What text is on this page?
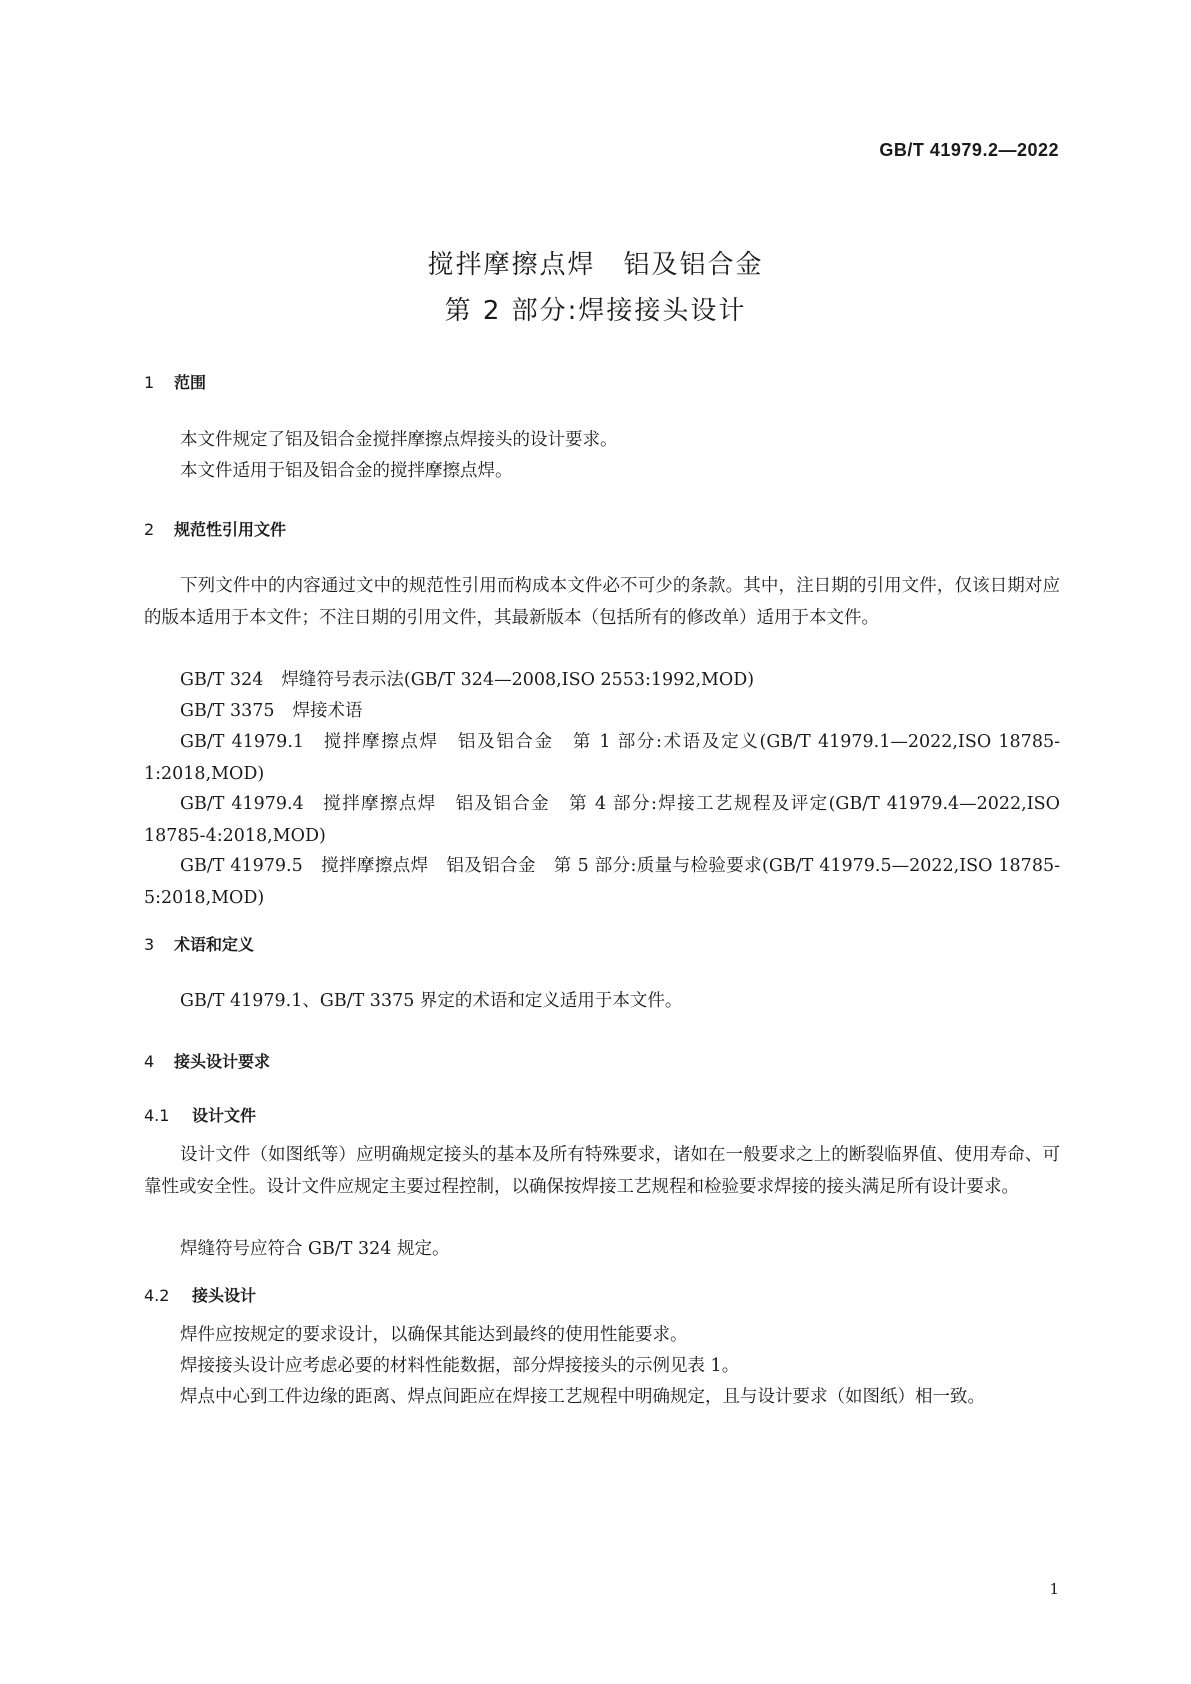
GB/T 41979.2—2022
搅拌摩擦点焊　铝及铝合金
第 2 部分:焊接接头设计
1 范围

本文件规定了铝及铝合金搅拌摩擦点焊接头的设计要求。

本文件适用于铝及铝合金的搅拌摩擦点焊。

2 规范性引用文件

下列文件中的内容通过文中的规范性引用而构成本文件必不可少的条款。其中，注日期的引用文件，仅该日期对应的版本适用于本文件；不注日期的引用文件，其最新版本（包括所有的修改单）适用于本文件。

GB/T 324 焊缝符号表示法(GB/T 324—2008,ISO 2553:1992,MOD)

GB/T 3375 焊接术语

GB/T 41979.1 搅拌摩擦点焊　铝及铝合金　第 1 部分:术语及定义(GB/T 41979.1—2022,ISO 18785-1:2018,MOD)

GB/T 41979.4 搅拌摩擦点焊　铝及铝合金　第 4 部分:焊接工艺规程及评定(GB/T 41979.4—2022,ISO 18785-4:2018,MOD)

GB/T 41979.5 搅拌摩擦点焊　铝及铝合金　第 5 部分:质量与检验要求(GB/T 41979.5—2022,ISO 18785-5:2018,MOD)

3 术语和定义

GB/T 41979.1、GB/T 3375 界定的术语和定义适用于本文件。

4 接头设计要求
4.1 设计文件

设计文件（如图纸等）应明确规定接头的基本及所有特殊要求，诸如在一般要求之上的断裂临界值、使用寿命、可靠性或安全性。设计文件应规定主要过程控制，以确保按焊接工艺规程和检验要求焊接的接头满足所有设计要求。

焊缝符号应符合 GB/T 324 规定。

4.2 接头设计

焊件应按规定的要求设计，以确保其能达到最终的使用性能要求。

焊接接头设计应考虑必要的材料性能数据，部分焊接接头的示例见表 1。

焊点中心到工件边缘的距离、焊点间距应在焊接工艺规程中明确规定，且与设计要求（如图纸）相一致。

1
